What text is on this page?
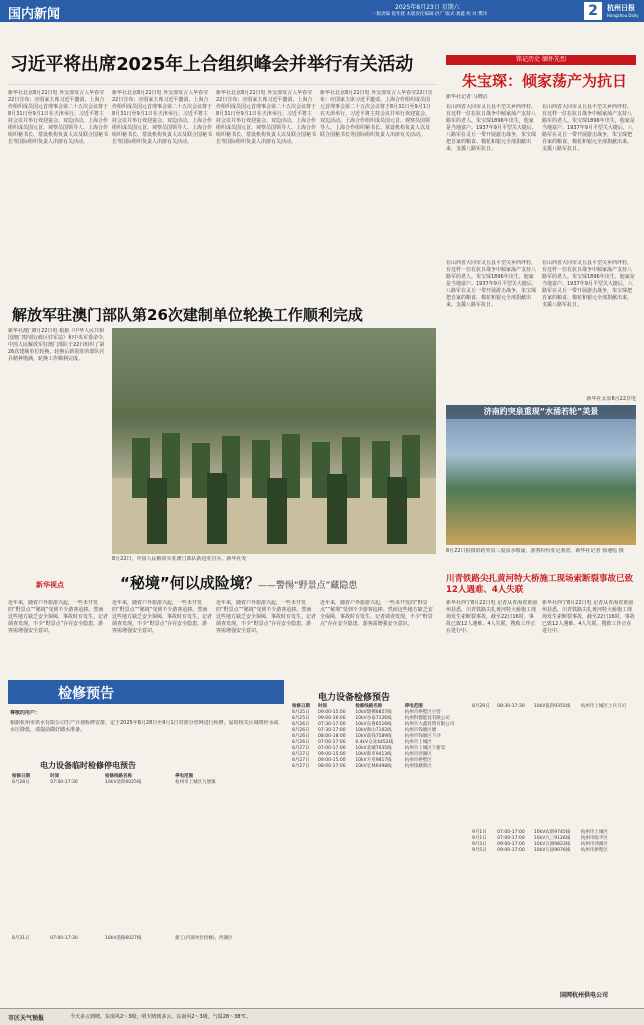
国内新闻	2025年8月23日 星期六
一版责编 倪冬建 本版责任编辑:洪广 版式:龚鑫 校 对:樊玲	2	杭州日报
Hangzhou Daily
习近平将出席2025年上合组织峰会并举行有关活动
新华社北京8月22日电 外交部发言人华春莹22日宣布：应国家主席习近平邀请，上海合作组织成员国元首理事会第二十五次会议将于8月31日至9月1日在天津举行。习近平将主持会议并举行欢迎宴会、双边活动。上海合作组织成员国元首、观察员国领导人、上海合作组织秘书长、常设机构负责人以及联合国秘书长等国际组织负责人出席有关活动。
新华社北京8月22日电 外交部发言人华春莹22日宣布：应国家主席习近平邀请，上海合作组织成员国元首理事会第二十五次会议将于8月31日至9月1日在天津举行。习近平将主持会议并举行欢迎宴会、双边活动。上海合作组织成员国元首、观察员国领导人、上海合作组织秘书长、常设机构负责人以及联合国秘书长等国际组织负责人出席有关活动。
新华社北京8月22日电 外交部发言人华春莹22日宣布：应国家主席习近平邀请，上海合作组织成员国元首理事会第二十五次会议将于8月31日至9月1日在天津举行。习近平将主持会议并举行欢迎宴会、双边活动。上海合作组织成员国元首、观察员国领导人、上海合作组织秘书长、常设机构负责人以及联合国秘书长等国际组织负责人出席有关活动。
新华社北京8月22日电 外交部发言人华春莹22日宣布：应国家主席习近平邀请，上海合作组织成员国元首理事会第二十五次会议将于8月31日至9月1日在天津举行。习近平将主持会议并举行欢迎宴会、双边活动。上海合作组织成员国元首、观察员国领导人、上海合作组织秘书长、常设机构负责人以及联合国秘书长等国际组织负责人出席有关活动。
铭记历史 缅怀先烈
朱宝琛：倾家荡产为抗日
新华社记者 马晓洁
在山西省大同市灵丘县平型关乡西坪村，有这样一位在抗日战争中倾家荡产支持八路军的老人。朱宝琛1896年出生，他家是当地富户。1937年9月平型关大捷后，八路军在灵丘一带开展游击战争，朱宝琛把自家的粮食、棉花和银元全部捐献出来，支援八路军抗日。
在山西省大同市灵丘县平型关乡西坪村，有这样一位在抗日战争中倾家荡产支持八路军的老人。朱宝琛1896年出生，他家是当地富户。1937年9月平型关大捷后，八路军在灵丘一带开展游击战争，朱宝琛把自家的粮食、棉花和银元全部捐献出来，支援八路军抗日。
在山西省大同市灵丘县平型关乡西坪村，有这样一位在抗日战争中倾家荡产支持八路军的老人。朱宝琛1896年出生，他家是当地富户。1937年9月平型关大捷后，八路军在灵丘一带开展游击战争，朱宝琛把自家的粮食、棉花和银元全部捐献出来，支援八路军抗日。
在山西省大同市灵丘县平型关乡西坪村，有这样一位在抗日战争中倾家荡产支持八路军的老人。朱宝琛1896年出生，他家是当地富户。1937年9月平型关大捷后，八路军在灵丘一带开展游击战争，朱宝琛把自家的粮食、棉花和银元全部捐献出来，支援八路军抗日。
新华社太原8月22日电
解放军驻澳门部队第26次建制单位轮换工作顺利完成
新华社澳门8月22日电 根据《中华人民共和国澳门特别行政区驻军法》和中央军委命令，中国人民解放军驻澳门部队于22日组织了第26次建制单位轮换。轮换后新进驻的部队官兵精神饱满，轮换工作顺利完成。
8月22日，中国人民解放军驻澳门部队新进驻官兵。新华社发
济南趵突泉重现“水涌若轮”美景
8月22日拍摄的趵突泉三股泉水喷涌，游客纷纷驻足观赏。新华社记者 徐速绘 摄
川青铁路尖扎黄河特大桥施工现场索断裂事故已致12人遇难、4人失联
新华社西宁8月22日电 记者从青海省黄南州获悉，川青铁路尖扎黄河特大桥施工现场发生索断裂事故，截至22日16时，事故已致12人遇难、4人失联，搜救工作正在进行中。
新华社西宁8月22日电 记者从青海省黄南州获悉，川青铁路尖扎黄河特大桥施工现场发生索断裂事故，截至22日16时，事故已致12人遇难、4人失联，搜救工作正在进行中。
新华视点	“秘境”何以成险境？
——警惕“野景点”藏隐患
近年来，随着户外旅游兴起，一些未开发的“野景点”“秘境”受到不少游客追捧。然而这些地方缺乏安全保障，事故时有发生。记者调查发现，不少“野景点”存在安全隐患，游客需增强安全意识。
近年来，随着户外旅游兴起，一些未开发的“野景点”“秘境”受到不少游客追捧。然而这些地方缺乏安全保障，事故时有发生。记者调查发现，不少“野景点”存在安全隐患，游客需增强安全意识。
近年来，随着户外旅游兴起，一些未开发的“野景点”“秘境”受到不少游客追捧。然而这些地方缺乏安全保障，事故时有发生。记者调查发现，不少“野景点”存在安全隐患，游客需增强安全意识。
近年来，随着户外旅游兴起，一些未开发的“野景点”“秘境”受到不少游客追捧。然而这些地方缺乏安全保障，事故时有发生。记者调查发现，不少“野景点”存在安全隐患，游客需增强安全意识。
检修预告
尊敬的用户：
根据杭州市供水有限公司生产计划检修安排，定于2025年8月28日至9月1日对部分管网进行检修，届时相关区域将停水或水压降低，请提前做好储水准备。
电力设备临时检修停电预告
检修日期	时间	检修线路名称	停电范围
8月28日	07:00-17:30	10kV清荷6025线	杭州市上城区九堡镇

8月31日	07:00-17:30	10kV逍路6027线	建工(内部单位检修)，西湖区
电力设备检修预告
检修日期	时间	检修线路名称	停电范围
8月25日	09:00-15:00	10kV建佛6857线	杭州市拱墅区小营
8月25日	09:00-16:00	10kV谷泰7126线	杭州科德能技有限公司
8月26日	07:30-17:00	10kV东鲁6516线	杭州市大鑫投资有限公司
8月26日	07:30-17:00	10kV新山7102线	杭州市钱塘区塘
8月26日	08:00-18:00	10kV前钱7589线	杭州市钱塘区下沙
8月26日	07:00-17:00	0.4kV众亚4452线	杭州市上城区
8月27日	07:00-17:00	10kV北城7035线	杭州市上城区下新景
8月27日	09:00-15:00	10kV新市9413线	杭州市西湖区
8月27日	09:00-15:00	10kV方亚9817线	杭州市拱墅区
8月27日	08:00-17:00	10kV宏林6498线	杭州钱塘新区
8月29日	08:30-17:30	10kV夏荷9355线	杭州市上城区上兵马司

9月1日	07:00-17:00	10kV农新9745线	杭州市上城区
9月1日	07:00-17:00	10kV九三9126线	杭州市临平区
9月3日	09:00-17:00	10kV五洲9823线	杭州市西湖区
9月5日	09:00-17:00	10kV万固9076线	杭州市拱墅区
国网杭州供电公司
市区天气预报	今天多云到晴，东南风2～3级；明天晴到多云，东南风2～3级，气温28～38℃。
